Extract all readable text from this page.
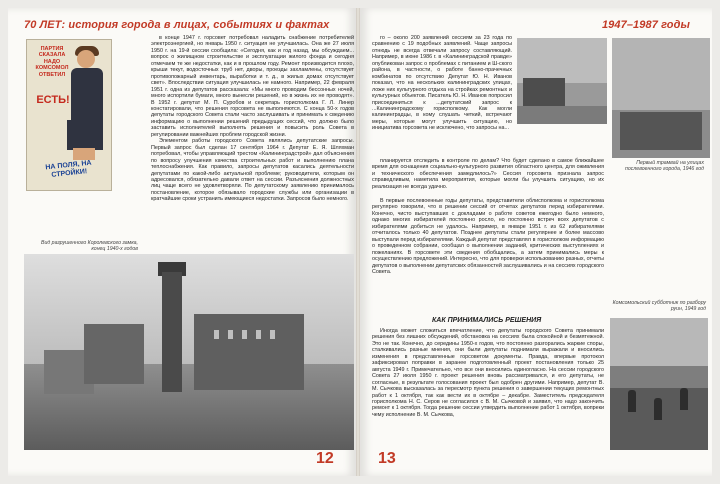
70 ЛЕТ: история города в лицах, событиях и фактах
ПАРТИЯ СКАЗАЛА НАДО КОМСОМОЛ ОТВЕТИЛ
ЕСТЬ!
НА ПОЛЯ, НА СТРОЙКИ!

в конце 1947 г. горсовет потребовал наладить снабжение потребителей электроэнергией, но январь 1950 г. ситуация не улучшилась. Она же 27 июля 1950 г. на 19-й сессии сообщила: «Сегодня, как и год назад, мы обсуждаем... вопрос о жилищном строительстве и эксплуатации жилого фонда и сегодня отмечаем те же недостатки, как и в прошлом году. Ремонт производится плохо, крыши текут, водосточных труб нет, дворы, проезды захламлены, отсутствует противопожарный инвентарь, выработки и т. д., в жилых домах отсутствует свет». Впоследствии ситуация улучшилась не намного. Например, 22 февраля 1951 г. одна из депутатов рассказала: «Мы много проводим бессонных ночей, много испортили бумаги, много вынесли решений, но в жизнь их не проводят». В 1952 г. депутат М. П. Суробов и секретарь горисполкома Г. Л. Линер констатировали, что решения горсовета не выполняются. С конца 50-х годов депутаты городского Совета стали часто заслушивать и принимать к сведению информацию о выполнении решений предыдущих сессий, что должно было заставить исполнителей выполнять решения и повысить роль Совета в регулировании важнейших проблем городской жизни.

Элементом работы городского Совета являлись депутатские запросы. Первый запрос был сделан 17 сентября 1964 г. Депутат Е. Я. Шляхман потребовал, чтобы управляющий трестом «Калининградстрой» дал объяснения по вопросу улучшения качества строительных работ и выполнению плана теплоснабжения. Как правило, запросы депутатов касались деятельности депутатами по какой-либо актуальной проблеме; руководители, которым он адресовался, обязательно давали ответ на сессии. Разъяснения должностных лиц чаще всего не удовлетворяли. По депутатскому заявлению принималось постановление, которое обязывало городские службы или организации в кратчайшие сроки устранить имеющиеся недостатки. Запросов было немного.

Вид разрушенного Королевского замка, конец 1940-х годов
12
1947–1987 годы

го – около 200 заявлений сессиям за 23 года по сравнению с 19 подобных заявлений. Чаще запросы отнюдь не всегда отвечали запросу составляющий. Например, в июне 1986 г. в «Калининградской правде» опубликован запрос о проблемах с питанием и Ш-ского района, в частности, о работе банно-прачечных комбинатов по отсутствию Депутат Ю. Н. Иванов показал, что на нескольких калининградских улицах, ложе них культурного отдыха на стройках ремонтных и культурных объектов. Писатель Ю. Н. Иванов попросил присоединиться к ...депутатский запрос к ...Калининградскому горисполкому. Как могли калининградцы, в кому слушать четкий, встречают меры, которые могут улучшить ситуацию, но инициатива горсовета не исключено, что запросы на...

Первый трамвай на улицах послевоенного города, 1946 год

планируется отследить в контроле по делам? Что будет сделано в самое ближайшее время для оснащения социально-культурного развития областного центра, для оживления и технического обеспечения замедлилось?» Сессия горсовета признала запрос справедливым, наметила мероприятия, которые могли бы улучшить ситуацию, но их реализация не всегда удачно.

В первые послевоенные годы депутаты, представители облисполкома и горисполкома регулярно говорили, что в решении сессий от отчетах депутатов перед избирателями. Конечно, чисто выступавших с докладами о работе советов ежегодно было немного, однако многих избирателей постоянно росло, но постоянно встреч всех депутатов с избирателями добиться не удалось. Например, в январе 1951 г. из 62 избирателями отчиталось только 40 депутатов. Позднее депутаты стали регулярнее и более массово выступали перед избирателями. Каждый депутат представлял в горисполком информацию о проведенном собрании, сообщал о выполнении заданий, критических выступлениях и пожеланиях. В горсовете эти сведения обобщались, а затем принимались меры к осуществлению предложений. Интересно, что для проверки использованию разных, отчеты депутатов о выполнении депутатских обязанностей заслушивались и на сессиях городского Совета.

Комсомольский субботник по разбору руин, 1949 год
КАК ПРИНИМАЛИСЬ РЕШЕНИЯ

Иногда может сложиться впечатление, что депутаты городского Совета принимали решения без лишних обсуждений, обстановка на сессиях была спокойной и безмятежной. Это не так. Конечно, до середины 1950-х годов, что постоянно разгорались жаркие споры, сталкивались разные мнения, они были депутаты поднимали выражали и вносились изменения в представленные горсоветом документы. Правда, впервые протокол зафиксировал поправки в заранее подготовленный проект постановления только 25 августа 1949 г. Примечательно, что все они вносились единогласно. На сессии городского Совета 27 июля 1950 г. проект решения вновь рассматривался, и его депутаты, не согласные, в результате голосования проект был одобрен другими. Например, депутат В. М. Сычкова высказалась за пересмотр пункта решения о завершении текущих ремонтных работ к 1 октября, так как вести их в октябре – декабре. Заместитель председателя горисполкома Н. С. Серов не согласился с В. М. Сычковой и заявил, что надо закончить ремонт к 1 октября. Тогда решение сессии утвердить выполнение работ 1 октября, вопреки чему исполнение В. М. Сычкова,

13
